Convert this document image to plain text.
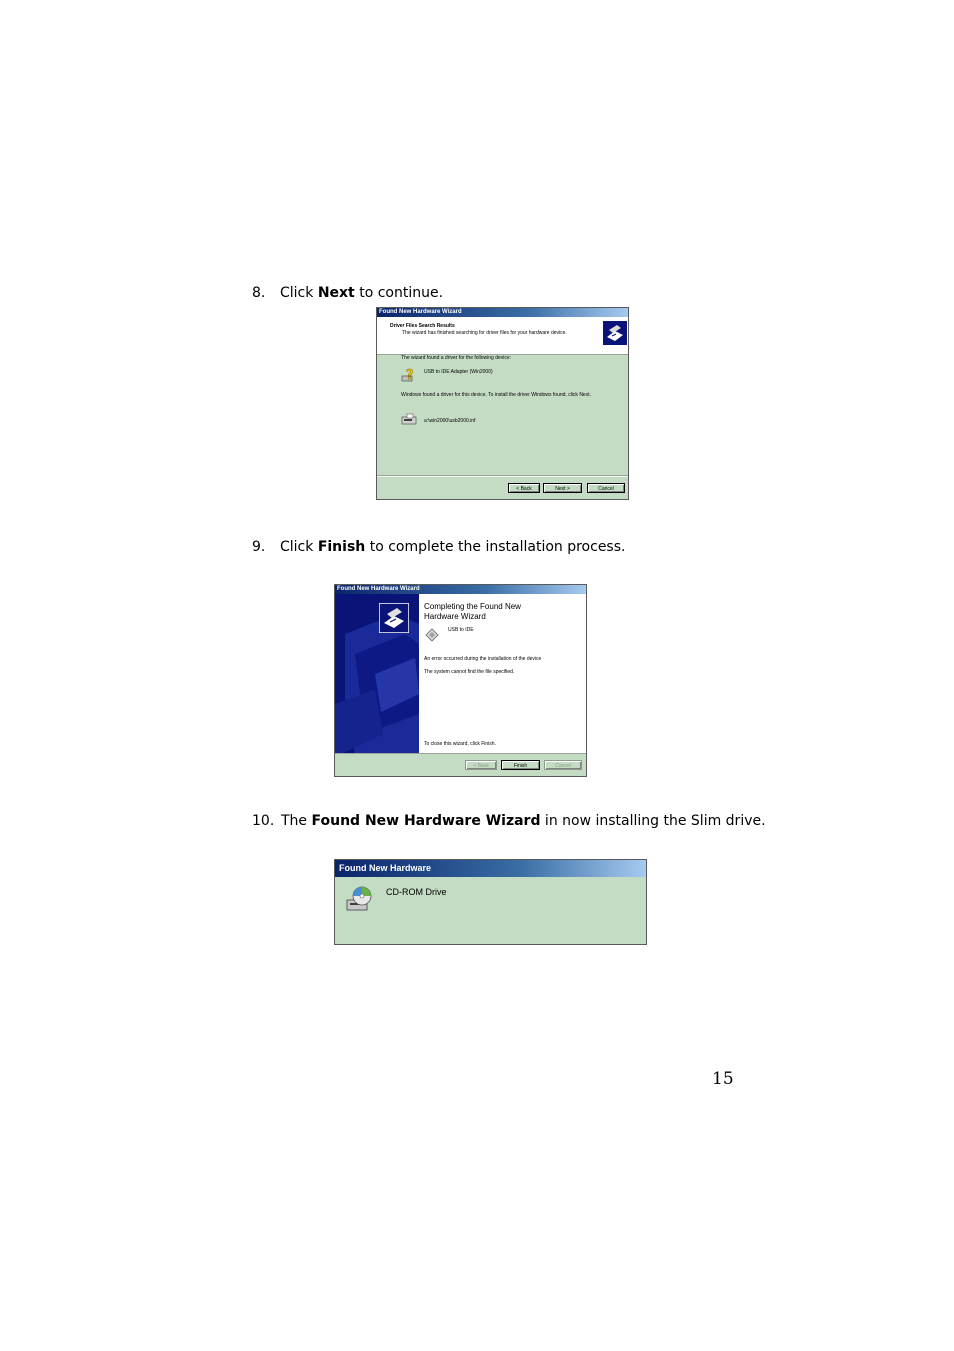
8. Click Next to continue.
Found New Hardware Wizard
Driver Files Search Results
The wizard has finished searching for driver files for your hardware device.
The wizard found a driver for the following device:
? USB to IDE Adapter (Win2000)
Windows found a driver for this device. To install the driver Windows found, click Next.
a:\win2000\usb2000.inf
< Back	Next >	Cancel
9. Click Finish to complete the installation process.
Found New Hardware Wizard
Completing the Found New
Hardware Wizard
USB to IDE
An error occurred during the installation of the device
The system cannot find the file specified.
To close this wizard, click Finish.
< Back	Finish	Cancel
10. The Found New Hardware Wizard in now installing the Slim drive.
Found New Hardware
CD-ROM Drive
15
